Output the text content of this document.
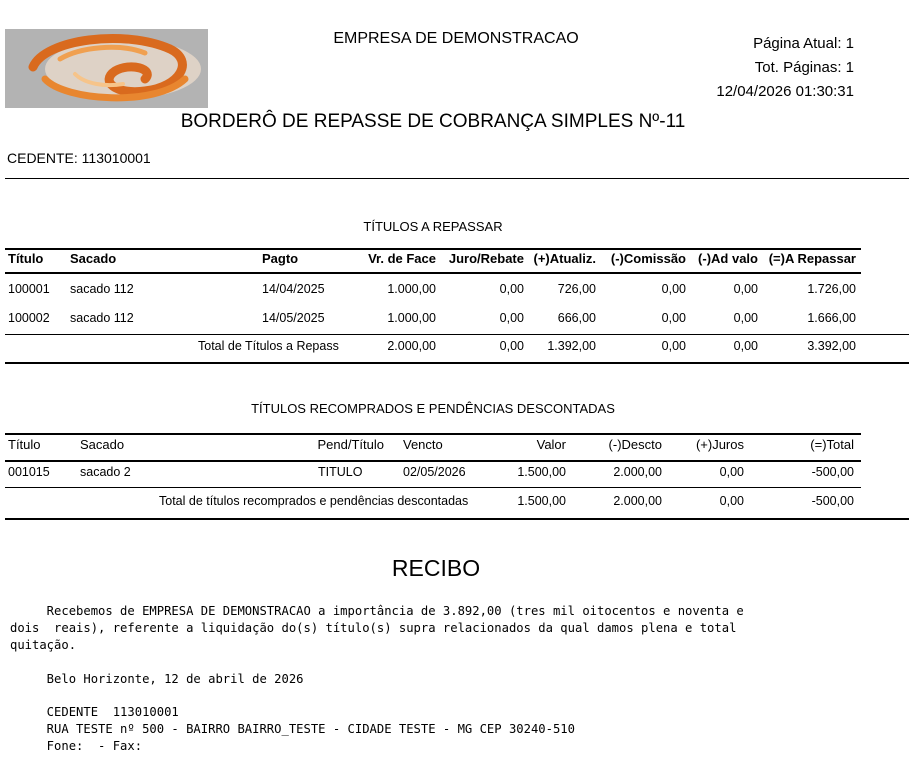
EMPRESA DE DEMONSTRACAO	Página Atual: 1
Tot. Páginas: 1
12/04/2026 01:30:31
BORDERÔ DE REPASSE DE COBRANÇA SIMPLES Nº-11
CEDENTE: 113010001
TÍTULOS A REPASSAR
Título Sacado	Pagto	Vr. de Face Juro/Rebate (+)Atualiz. (-)Comissão (-)Ad valo (=)A Repassar
100001 sacado 112	14/04/2025	1.000,00	0,00	726,00	0,00	0,00	1.726,00
100002 sacado 112	14/05/2025	1.000,00	0,00	666,00	0,00	0,00	1.666,00
Total de Títulos a Repass	2.000,00	0,00 1.392,00	0,00	0,00	3.392,00
TÍTULOS RECOMPRADOS E PENDÊNCIAS DESCONTADAS
Título	Sacado	Pend/Título Vencto	Valor	(-)Descto	(+)Juros	(=)Total
001015 sacado 2	TITULO	02/05/2026	1.500,00	2.000,00	0,00	-500,00
Total de títulos recomprados e pendências descontadas	1.500,00	2.000,00	0,00	-500,00
RECIBO
Recebemos de EMPRESA DE DEMONSTRACAO a importância de 3.892,00 (tres mil oitocentos e noventa e
dois  reais), referente a liquidação do(s) título(s) supra relacionados da qual damos plena e total
quitação.
Belo Horizonte, 12 de abril de 2026
CEDENTE  113010001
RUA TESTE nº 500 - BAIRRO BAIRRO_TESTE - CIDADE TESTE - MG CEP 30240-510
Fone:  - Fax:
